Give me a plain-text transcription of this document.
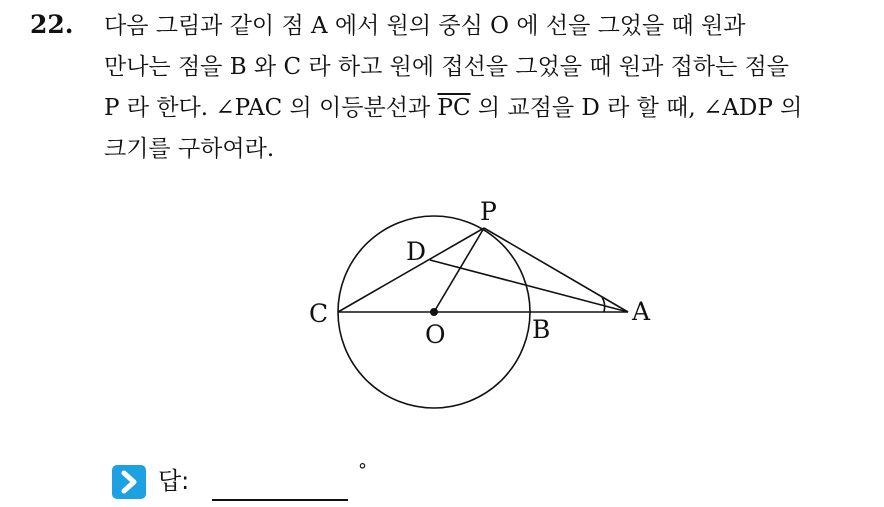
22. 다음 그림과 같이 점 A 에서 원의 중심 O 에 선을 그었을 때 원과
만나는 점을 B 와 C 라 하고 원에 접선을 그었을 때 원과 접하는 점을
P 라 한다. ∠PAC 의 이등분선과 $\overline{PC}$ 의 교점을 D 라 할 때, ∠ADP 의
크기를 구하여라.
P
D
C
O	B
A
답:	°
